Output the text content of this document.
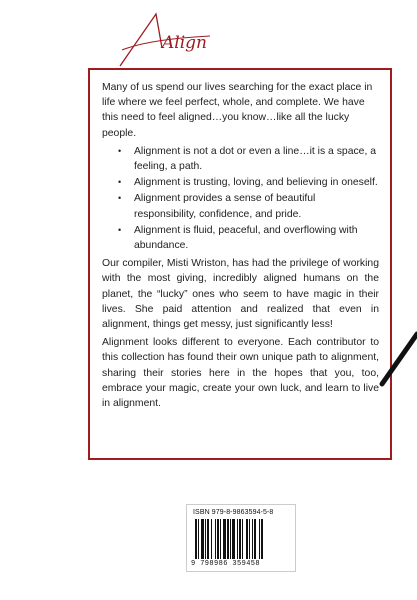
Align

Many of us spend our lives searching for the exact place in life where we feel perfect, whole, and complete. We have this need to feel aligned…you know…like all the lucky people.

• Alignment is not a dot or even a line…it is a space, a feeling, a path.
• Alignment is trusting, loving, and believing in oneself.
• Alignment provides a sense of beautiful responsibility, confidence, and pride.
• Alignment is fluid, peaceful, and overflowing with abundance.

Our compiler, Misti Wriston, has had the privilege of working with the most giving, incredibly aligned humans on the planet, the “lucky” ones who seem to have magic in their lives. She paid attention and realized that even in alignment, things get messy, just significantly less!

Alignment looks different to everyone. Each contributor to this collection has found their own unique path to alignment, sharing their stories here in the hopes that you, too, embrace your magic, create your own luck, and learn to live in alignment.

ISBN 979-8-9863594-5-8
9 798986 359458
